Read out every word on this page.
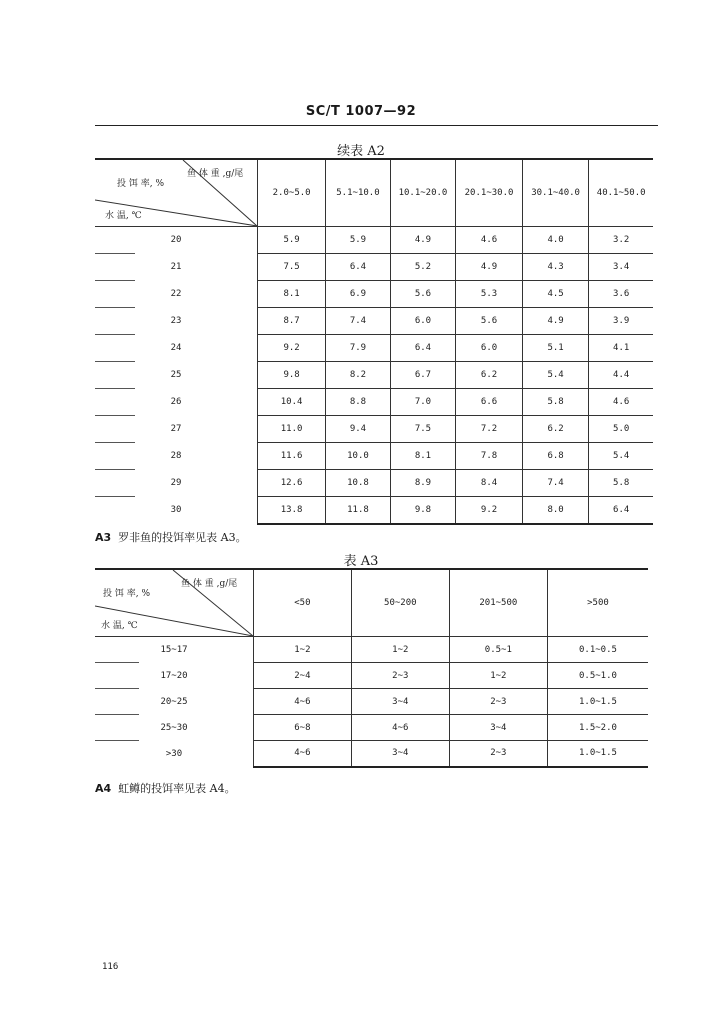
SC/T 1007—92
续表 A2
鱼 体 重 ,g/尾
投 饵 率, %
水 温, ℃	2.0~5.0	5.1~10.0	10.1~20.0	20.1~30.0	30.1~40.0	40.1~50.0
20	5.9	5.9	4.9	4.6	4.0	3.2
21	7.5	6.4	5.2	4.9	4.3	3.4
22	8.1	6.9	5.6	5.3	4.5	3.6
23	8.7	7.4	6.0	5.6	4.9	3.9
24	9.2	7.9	6.4	6.0	5.1	4.1
25	9.8	8.2	6.7	6.2	5.4	4.4
26	10.4	8.8	7.0	6.6	5.8	4.6
27	11.0	9.4	7.5	7.2	6.2	5.0
28	11.6	10.0	8.1	7.8	6.8	5.4
29	12.6	10.8	8.9	8.4	7.4	5.8
30	13.8	11.8	9.8	9.2	8.0	6.4
A3 罗非鱼的投饵率见表 A3。
表 A3
鱼 体 重 ,g/尾
投 饵 率, %
水 温, ℃	<50	50~200	201~500	>500
15~17	1~2	1~2	0.5~1	0.1~0.5
17~20	2~4	2~3	1~2	0.5~1.0
20~25	4~6	3~4	2~3	1.0~1.5
25~30	6~8	4~6	3~4	1.5~2.0
>30	4~6	3~4	2~3	1.0~1.5
A4 虹鳟的投饵率见表 A4。
116
